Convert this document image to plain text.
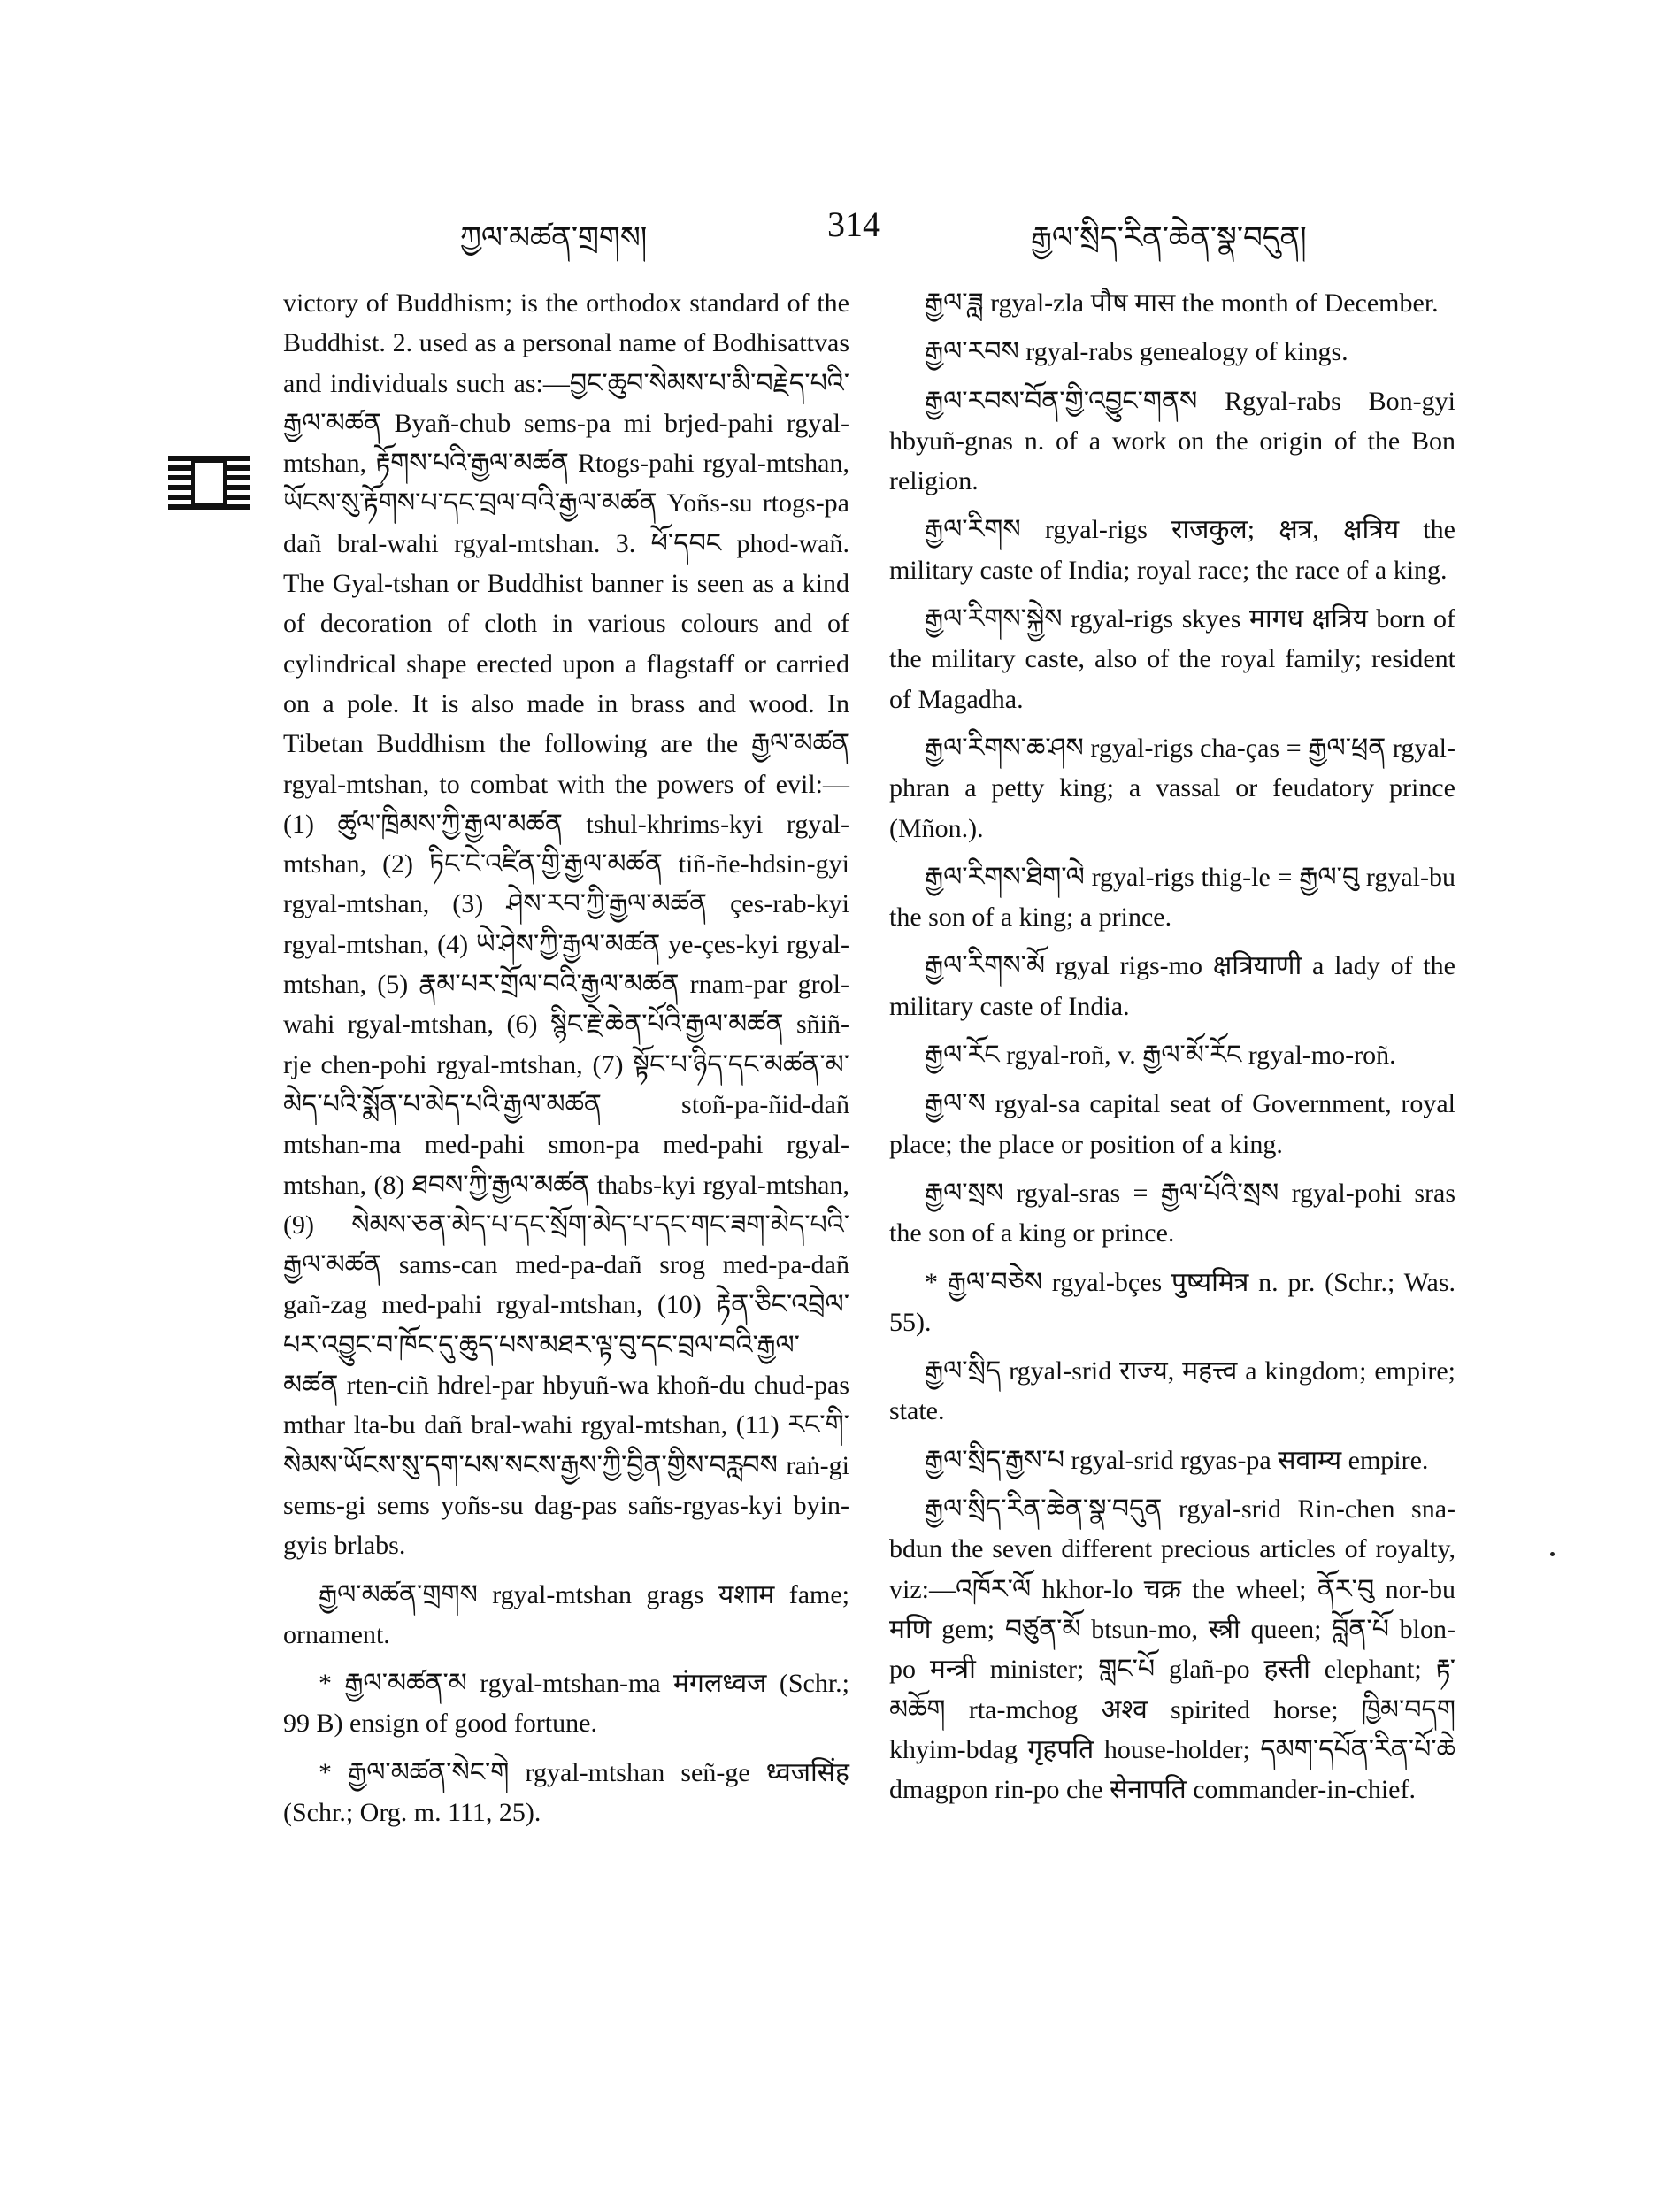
ཀྱལ་མཚན་གྲགས།	314	རྒྱལ་སྲིད་རིན་ཆེན་སྣ་བདུན།

victory of Buddhism; is the orthodox standard of the Buddhist. 2. used as a personal name of Bodhisattvas and individuals such as:—བྱང་ཆུབ་སེམས་པ་མི་བརྗེད་པའི་རྒྱལ་མཚན Byañ-chub sems-pa mi brjed-pahi rgyal-mtshan, རྟོགས་པའི་རྒྱལ་མཚན Rtogs-pahi rgyal-mtshan, ཡོངས་སུ་རྟོགས་པ་དང་བྲལ་བའི་རྒྱལ་མཚན Yoñs-su rtogs-pa dañ bral-wahi rgyal-mtshan. 3. ཕོ་དབང phod-wañ. The Gyal-tshan or Buddhist banner is seen as a kind of decoration of cloth in various colours and of cylindrical shape erected upon a flagstaff or carried on a pole. It is also made in brass and wood. In Tibetan Buddhism the following are the རྒྱལ་མཚན rgyal-mtshan, to combat with the powers of evil:—(1) ཚུལ་ཁྲིམས་ཀྱི་རྒྱལ་མཚན tshul-khrims-kyi rgyal-mtshan, (2) ཏིང་ངེ་འཛིན་གྱི་རྒྱལ་མཚན tiñ-ñe-hdsin-gyi rgyal-mtshan, (3) ཤེས་རབ་ཀྱི་རྒྱལ་མཚན çes-rab-kyi rgyal-mtshan, (4) ཡེ་ཤེས་ཀྱི་རྒྱལ་མཚན ye-çes-kyi rgyal-mtshan, (5) རྣམ་པར་གྲོལ་བའི་རྒྱལ་མཚན rnam-par grol-wahi rgyal-mtshan, (6) སྙིང་རྗེ་ཆེན་པོའི་རྒྱལ་མཚན sñiñ-rje chen-pohi rgyal-mtshan, (7) སྟོང་པ་ཉིད་དང་མཚན་མ་མེད་པའི་སྨོན་པ་མེད་པའི་རྒྱལ་མཚན stoñ-pa-ñid-dañ mtshan-ma med-pahi smon-pa med-pahi rgyal-mtshan, (8) ཐབས་ཀྱི་རྒྱལ་མཚན thabs-kyi rgyal-mtshan, (9) སེམས་ཅན་མེད་པ་དང་སྲོག་མེད་པ་དང་གང་ཟག་མེད་པའི་རྒྱལ་མཚན sams-can med-pa-dañ srog med-pa-dañ gañ-zag med-pahi rgyal-mtshan, (10) རྟེན་ཅིང་འབྲེལ་པར་འབྱུང་བ་ཁོང་དུ་ཆུད་པས་མཐར་ལྟ་བུ་དང་བྲལ་བའི་རྒྱལ་མཚན rten-ciñ hdrel-par hbyuñ-wa khoñ-du chud-pas mthar lta-bu dañ bral-wahi rgyal-mtshan, (11) རང་གི་སེམས་ཡོངས་སུ་དག་པས་སངས་རྒྱས་ཀྱི་བྱིན་གྱིས་བརླབས raṅ-gi sems-gi sems yoñs-su dag-pas sañs-rgyas-kyi byin-gyis brlabs.

རྒྱལ་མཚན་གྲགས rgyal-mtshan grags यशाम fame; ornament.

* རྒྱལ་མཚན་མ rgyal-mtshan-ma मंगलध्वज (Schr.; 99 B) ensign of good fortune.

* རྒྱལ་མཚན་སེང་གེ rgyal-mtshan señ-ge ध्वजसिंह (Schr.; Org. m. 111, 25).

རྒྱལ་ཟླ rgyal-zla पौष मास the month of December.

རྒྱལ་རབས rgyal-rabs genealogy of kings.

རྒྱལ་རབས་བོན་གྱི་འབྱུང་གནས Rgyal-rabs Bon-gyi hbyuñ-gnas n. of a work on the origin of the Bon religion.

རྒྱལ་རིགས rgyal-rigs राजकुल; क्षत्र, क्षत्रिय the military caste of India; royal race; the race of a king.

རྒྱལ་རིགས་སྐྱེས rgyal-rigs skyes मागध क्षत्रिय born of the military caste, also of the royal family; resident of Magadha.

རྒྱལ་རིགས་ཆ་ཤས rgyal-rigs cha-ças = རྒྱལ་ཕྲན rgyal-phran a petty king; a vassal or feudatory prince (Mñon.).

རྒྱལ་རིགས་ཐིག་ལེ rgyal-rigs thig-le = རྒྱལ་བུ rgyal-bu the son of a king; a prince.

རྒྱལ་རིགས་མོ rgyal rigs-mo क्षत्रियाणी a lady of the military caste of India.

རྒྱལ་རོང rgyal-roñ, v. རྒྱལ་མོ་རོང rgyal-mo-roñ.

རྒྱལ་ས rgyal-sa capital seat of Government, royal place; the place or position of a king.

རྒྱལ་སྲས rgyal-sras = རྒྱལ་པོའི་སྲས rgyal-pohi sras the son of a king or prince.

* རྒྱལ་བཅེས rgyal-bçes पुष्यमित्र n. pr. (Schr.; Was. 55).

རྒྱལ་སྲིད rgyal-srid राज्य, महत्त्व a kingdom; empire; state.

རྒྱལ་སྲིད་རྒྱས་པ rgyal-srid rgyas-pa सवाम्य empire.

རྒྱལ་སྲིད་རིན་ཆེན་སྣ་བདུན rgyal-srid Rin-chen sna-bdun the seven different precious articles of royalty, viz:—འཁོར་ལོ hkhor-lo चक्र the wheel; ནོར་བུ nor-bu मणि gem; བཙུན་མོ btsun-mo, स्त्री queen; བློན་པོ blon-po मन्त्री minister; གླང་པོ glañ-po हस्ती elephant; རྟ་མཆོག rta-mchog अश्व spirited horse; ཁྱིམ་བདག khyim-bdag गृहपति house-holder; དམག་དཔོན་རིན་པོ་ཆེ dmagpon rin-po che सेनापति commander-in-chief.
